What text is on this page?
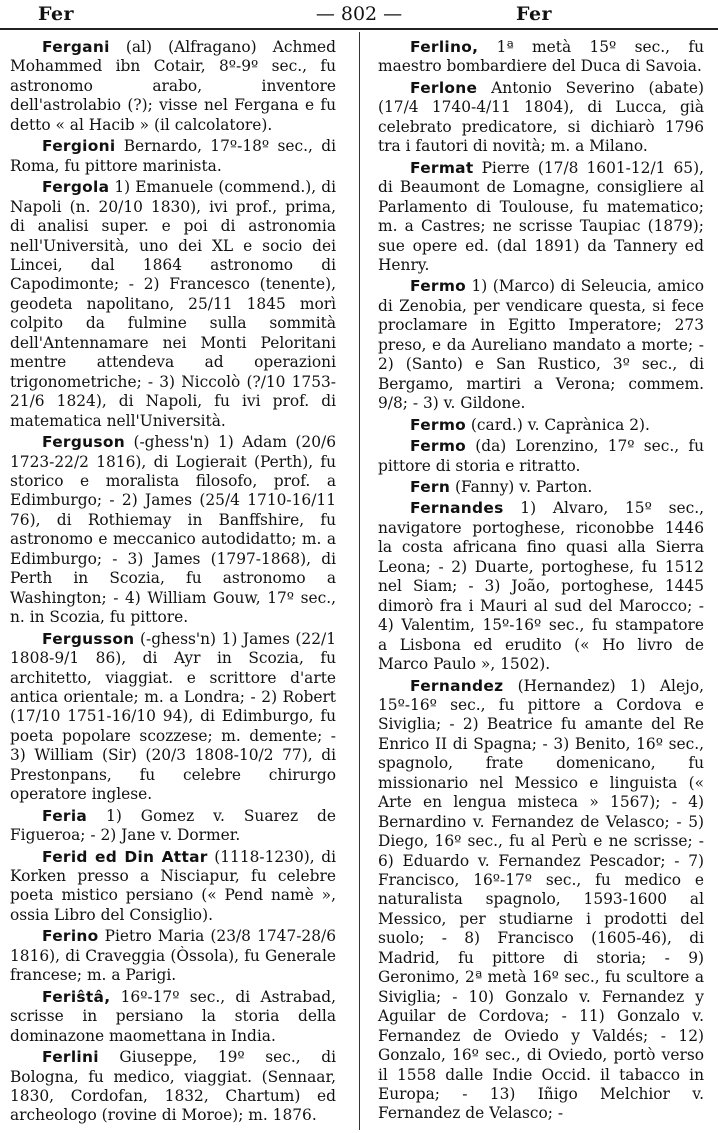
Fer	— 802 —	Fer

Fergani (al) (Alfragano) Achmed Mohammed ibn Cotair, 8º-9º sec., fu astronomo arabo, inventore dell'astrolabio (?); visse nel Fergana e fu detto « al Hacib » (il calcolatore).

Fergioni Bernardo, 17º-18º sec., di Roma, fu pittore marinista.

Fergola 1) Emanuele (commend.), di Napoli (n. 20/10 1830), ivi prof., prima, di analisi super. e poi di astronomia nell'Università, uno dei XL e socio dei Lincei, dal 1864 astronomo di Capodimonte; - 2) Francesco (tenente), geodeta napolitano, 25/11 1845 morì colpito da fulmine sulla sommità dell'Antennamare nei Monti Peloritani mentre attendeva ad operazioni trigonometriche; - 3) Niccolò (?/10 1753-21/6 1824), di Napoli, fu ivi prof. di matematica nell'Università.

Ferguson (-ghess'n) 1) Adam (20/6 1723-22/2 1816), di Logierait (Perth), fu storico e moralista filosofo, prof. a Edimburgo; - 2) James (25/4 1710-16/11 76), di Rothiemay in Banffshire, fu astronomo e meccanico autodidatto; m. a Edimburgo; - 3) James (1797-1868), di Perth in Scozia, fu astronomo a Washington; - 4) William Gouw, 17º sec., n. in Scozia, fu pittore.

Fergusson (-ghess'n) 1) James (22/1 1808-9/1 86), di Ayr in Scozia, fu architetto, viaggiat. e scrittore d'arte antica orientale; m. a Londra; - 2) Robert (17/10 1751-16/10 94), di Edimburgo, fu poeta popolare scozzese; m. demente; - 3) William (Sir) (20/3 1808-10/2 77), di Prestonpans, fu celebre chirurgo operatore inglese.

Feria 1) Gomez v. Suarez de Figueroa; - 2) Jane v. Dormer.

Ferid ed Din Attar (1118-1230), di Korken presso a Nisciapur, fu celebre poeta mistico persiano (« Pend namè », ossia Libro del Consiglio).

Ferino Pietro Maria (23/8 1747-28/6 1816), di Craveggia (Òssola), fu Generale francese; m. a Parigi.

Feriŝtâ, 16º-17º sec., di Astrabad, scrisse in persiano la storia della dominazone maomettana in India.

Ferlini Giuseppe, 19º sec., di Bologna, fu medico, viaggiat. (Sennaar, 1830, Cordofan, 1832, Chartum) ed archeologo (rovine di Moroe); m. 1876.

Ferlino, 1ª metà 15º sec., fu maestro bombardiere del Duca di Savoia.

Ferlone Antonio Severino (abate) (17/4 1740-4/11 1804), di Lucca, già celebrato predicatore, si dichiarò 1796 tra i fautori di novità; m. a Milano.

Fermat Pierre (17/8 1601-12/1 65), di Beaumont de Lomagne, consigliere al Parlamento di Toulouse, fu matematico; m. a Castres; ne scrisse Taupiac (1879); sue opere ed. (dal 1891) da Tannery ed Henry.

Fermo 1) (Marco) di Seleucia, amico di Zenobia, per vendicare questa, si fece proclamare in Egitto Imperatore; 273 preso, e da Aureliano mandato a morte; - 2) (Santo) e San Rustico, 3º sec., di Bergamo, martiri a Verona; commem. 9/8; - 3) v. Gildone.

Fermo (card.) v. Caprànica 2).

Fermo (da) Lorenzino, 17º sec., fu pittore di storia e ritratto.

Fern (Fanny) v. Parton.

Fernandes 1) Alvaro, 15º sec., navigatore portoghese, riconobbe 1446 la costa africana fino quasi alla Sierra Leona; - 2) Duarte, portoghese, fu 1512 nel Siam; - 3) João, portoghese, 1445 dimorò fra i Mauri al sud del Marocco; - 4) Valentim, 15º-16º sec., fu stampatore a Lisbona ed erudito (« Ho livro de Marco Paulo », 1502).

Fernandez (Hernandez) 1) Alejo, 15º-16º sec., fu pittore a Cordova e Siviglia; - 2) Beatrice fu amante del Re Enrico II di Spagna; - 3) Benito, 16º sec., spagnolo, frate domenicano, fu missionario nel Messico e linguista (« Arte en lengua misteca » 1567); - 4) Bernardino v. Fernandez de Velasco; - 5) Diego, 16º sec., fu al Perù e ne scrisse; - 6) Eduardo v. Fernandez Pescador; - 7) Francisco, 16º-17º sec., fu medico e naturalista spagnolo, 1593-1600 al Messico, per studiarne i prodotti del suolo; - 8) Francisco (1605-46), di Madrid, fu pittore di storia; - 9) Geronimo, 2ª metà 16º sec., fu scultore a Siviglia; - 10) Gonzalo v. Fernandez y Aguilar de Cordova; - 11) Gonzalo v. Fernandez de Oviedo y Valdés; - 12) Gonzalo, 16º sec., di Oviedo, portò verso il 1558 dalle Indie Occid. il tabacco in Europa; - 13) Iñigo Melchior v. Fernandez de Velasco; -
